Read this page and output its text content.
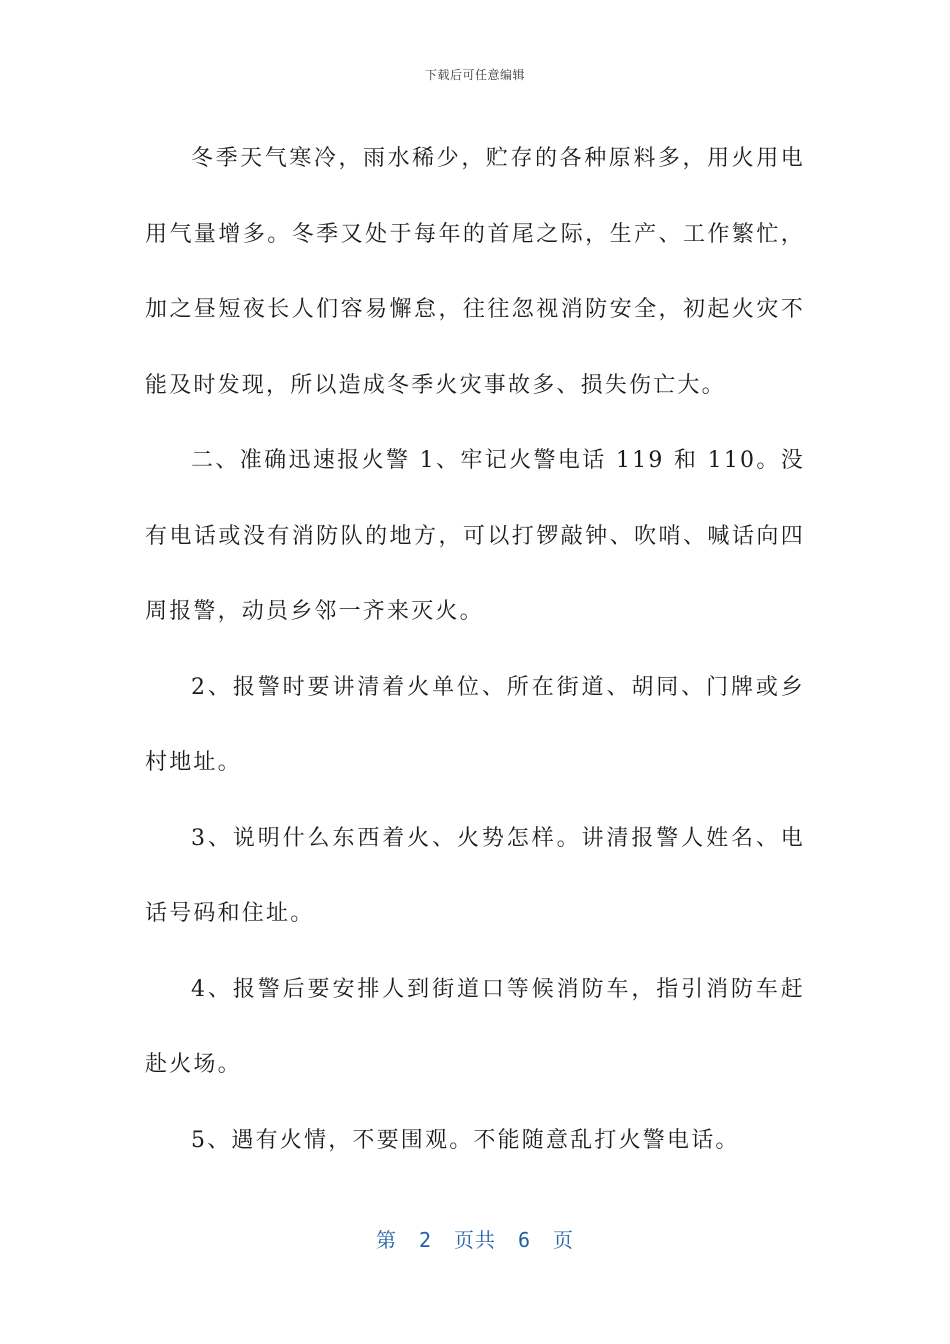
下载后可任意编辑

冬季天气寒冷，雨水稀少，贮存的各种原料多，用火用电用气量增多。冬季又处于每年的首尾之际，生产、工作繁忙，加之昼短夜长人们容易懈怠，往往忽视消防安全，初起火灾不能及时发现，所以造成冬季火灾事故多、损失伤亡大。

二、准确迅速报火警 1、牢记火警电话 119 和 110。没有电话或没有消防队的地方，可以打锣敲钟、吹哨、喊话向四周报警，动员乡邻一齐来灭火。

2、报警时要讲清着火单位、所在街道、胡同、门牌或乡村地址。

3、说明什么东西着火、火势怎样。讲清报警人姓名、电话号码和住址。

4、报警后要安排人到街道口等候消防车，指引消防车赶赴火场。

5、遇有火情，不要围观。不能随意乱打火警电话。

第 2 页共 6 页
